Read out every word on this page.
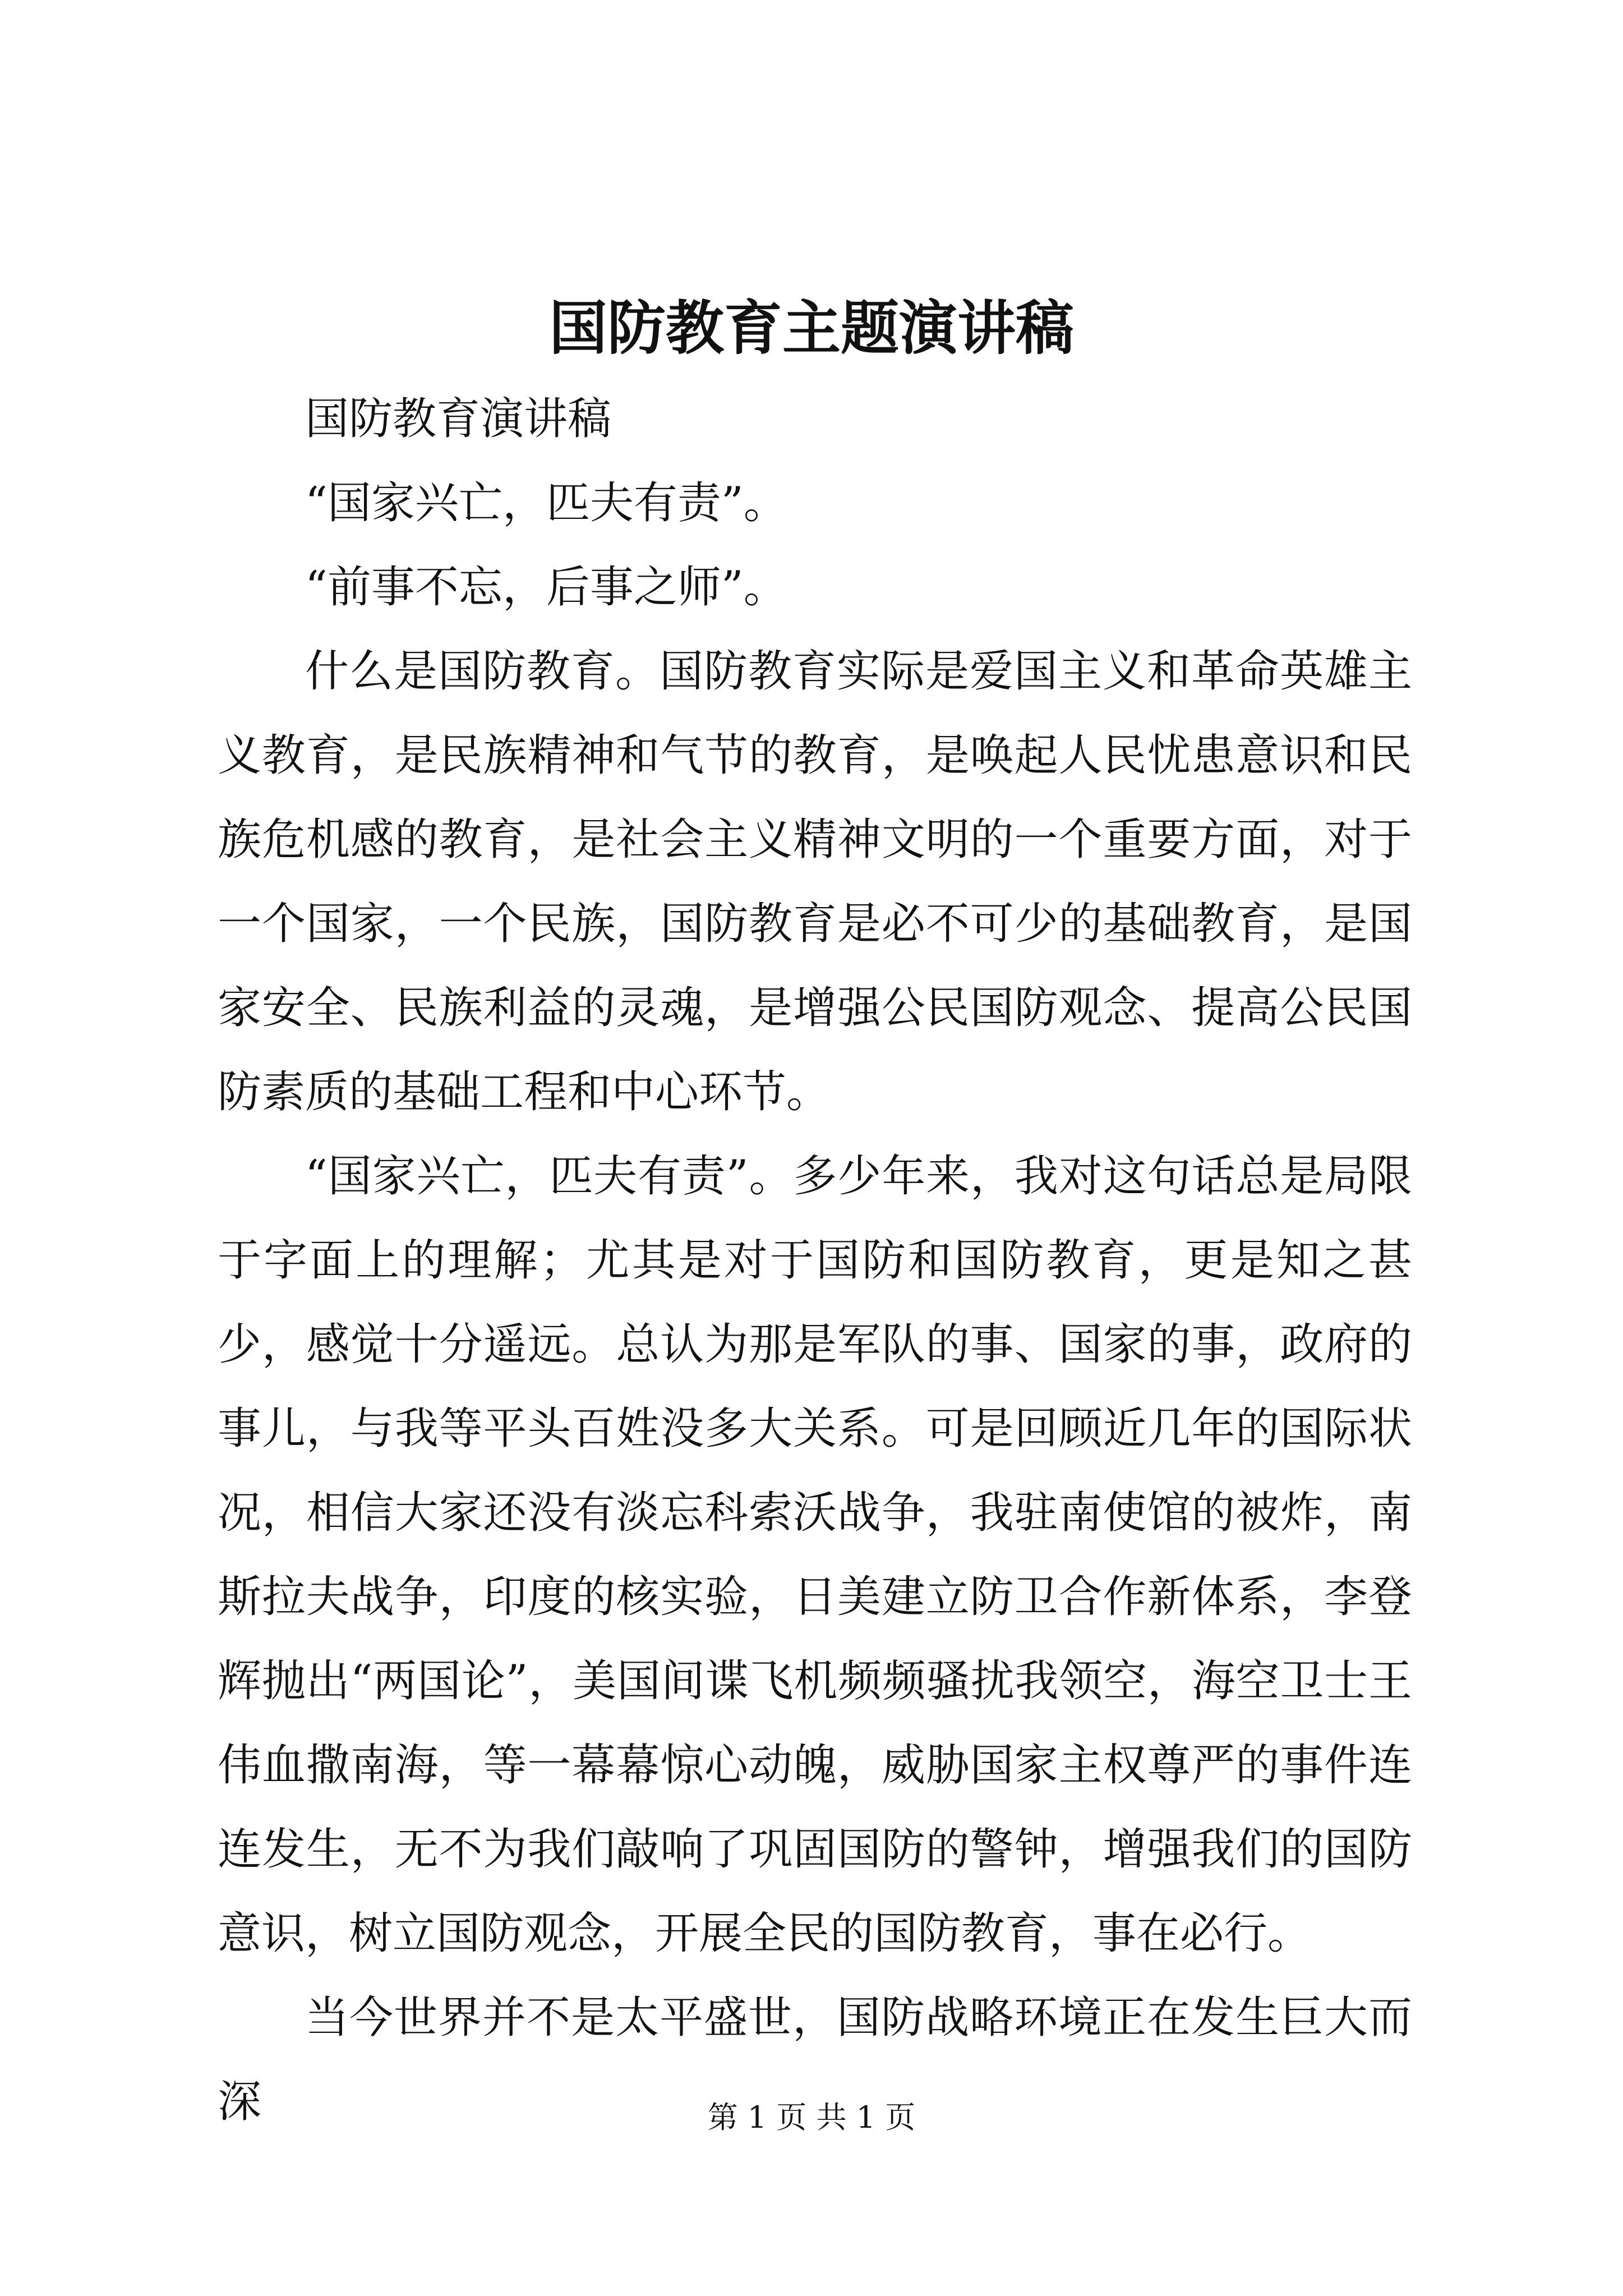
国防教育主题演讲稿

国防教育演讲稿

“国家兴亡，匹夫有责”。

“前事不忘，后事之师”。

什么是国防教育。国防教育实际是爱国主义和革命英雄主义教育，是民族精神和气节的教育，是唤起人民忧患意识和民族危机感的教育，是社会主义精神文明的一个重要方面，对于一个国家，一个民族，国防教育是必不可少的基础教育，是国家安全、民族利益的灵魂，是增强公民国防观念、提高公民国防素质的基础工程和中心环节。

“国家兴亡，匹夫有责”。多少年来，我对这句话总是局限于字面上的理解；尤其是对于国防和国防教育，更是知之甚少，感觉十分遥远。总认为那是军队的事、国家的事，政府的事儿，与我等平头百姓没多大关系。可是回顾近几年的国际状况，相信大家还没有淡忘科索沃战争，我驻南使馆的被炸，南斯拉夫战争，印度的核实验，日美建立防卫合作新体系，李登辉抛出“两国论”，美国间谍飞机频频骚扰我领空，海空卫士王伟血撒南海，等一幕幕惊心动魄，威胁国家主权尊严的事件连连发生，无不为我们敲响了巩固国防的警钟，增强我们的国防意识，树立国防观念，开展全民的国防教育，事在必行。

当今世界并不是太平盛世，国防战略环境正在发生巨大而深	第 1 页 共 1 页
